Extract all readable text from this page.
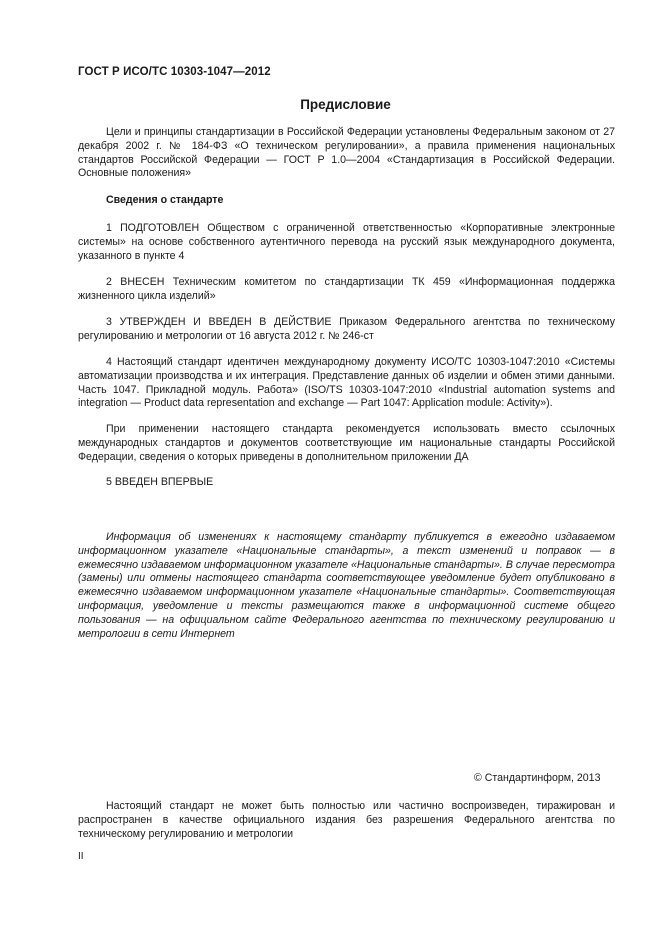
ГОСТ Р ИСО/ТС 10303-1047—2012
Предисловие

Цели и принципы стандартизации в Российской Федерации установлены Федеральным законом от 27 декабря 2002 г. № 184-ФЗ «О техническом регулировании», а правила применения национальных стандартов Российской Федерации — ГОСТ Р 1.0—2004 «Стандартизация в Российской Федерации. Основные положения»

Сведения о стандарте

1 ПОДГОТОВЛЕН Обществом с ограниченной ответственностью «Корпоративные электронные системы» на основе собственного аутентичного перевода на русский язык международного документа, указанного в пункте 4

2 ВНЕСЕН Техническим комитетом по стандартизации ТК 459 «Информационная поддержка жизненного цикла изделий»

3 УТВЕРЖДЕН И ВВЕДЕН В ДЕЙСТВИЕ Приказом Федерального агентства по техническому регулированию и метрологии от 16 августа 2012 г. № 246-ст

4 Настоящий стандарт идентичен международному документу ИСО/ТС 10303-1047:2010 «Системы автоматизации производства и их интеграция. Представление данных об изделии и обмен этими данными. Часть 1047. Прикладной модуль. Работа» (ISO/TS 10303-1047:2010 «Industrial automation systems and integration — Product data representation and exchange — Part 1047: Application module: Activity»).

При применении настоящего стандарта рекомендуется использовать вместо ссылочных международных стандартов и документов соответствующие им национальные стандарты Российской Федерации, сведения о которых приведены в дополнительном приложении ДА

5 ВВЕДЕН ВПЕРВЫЕ

Информация об изменениях к настоящему стандарту публикуется в ежегодно издаваемом информационном указателе «Национальные стандарты», а текст изменений и поправок — в ежемесячно издаваемом информационном указателе «Национальные стандарты». В случае пересмотра (замены) или отмены настоящего стандарта соответствующее уведомление будет опубликовано в ежемесячно издаваемом информационном указателе «Национальные стандарты». Соответствующая информация, уведомление и тексты размещаются также в информационной системе общего пользования — на официальном сайте Федерального агентства по техническому регулированию и метрологии в сети Интернет

© Стандартинформ, 2013

Настоящий стандарт не может быть полностью или частично воспроизведен, тиражирован и распространен в качестве официального издания без разрешения Федерального агентства по техническому регулированию и метрологии

II
